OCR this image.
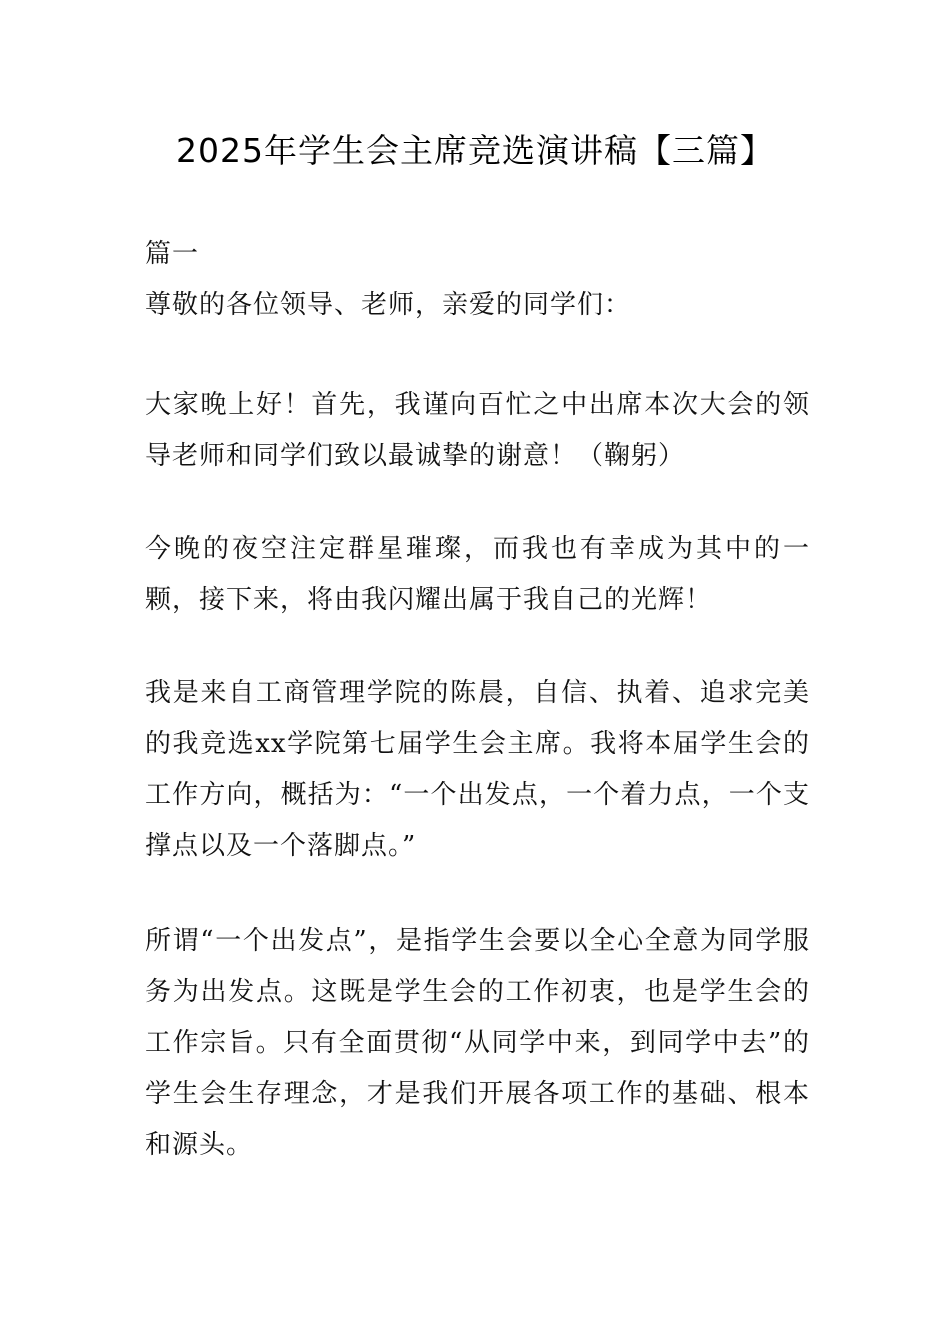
2025年学生会主席竞选演讲稿【三篇】

篇一

尊敬的各位领导、老师，亲爱的同学们：

大家晚上好！首先，我谨向百忙之中出席本次大会的领导老师和同学们致以最诚挚的谢意！（鞠躬）

今晚的夜空注定群星璀璨，而我也有幸成为其中的一颗，接下来，将由我闪耀出属于我自己的光辉！

我是来自工商管理学院的陈晨，自信、执着、追求完美的我竞选xx学院第七届学生会主席。我将本届学生会的工作方向，概括为：“一个出发点，一个着力点，一个支撑点以及一个落脚点。”

所谓“一个出发点”，是指学生会要以全心全意为同学服务为出发点。这既是学生会的工作初衷，也是学生会的工作宗旨。只有全面贯彻“从同学中来，到同学中去”的学生会生存理念，才是我们开展各项工作的基础、根本和源头。
